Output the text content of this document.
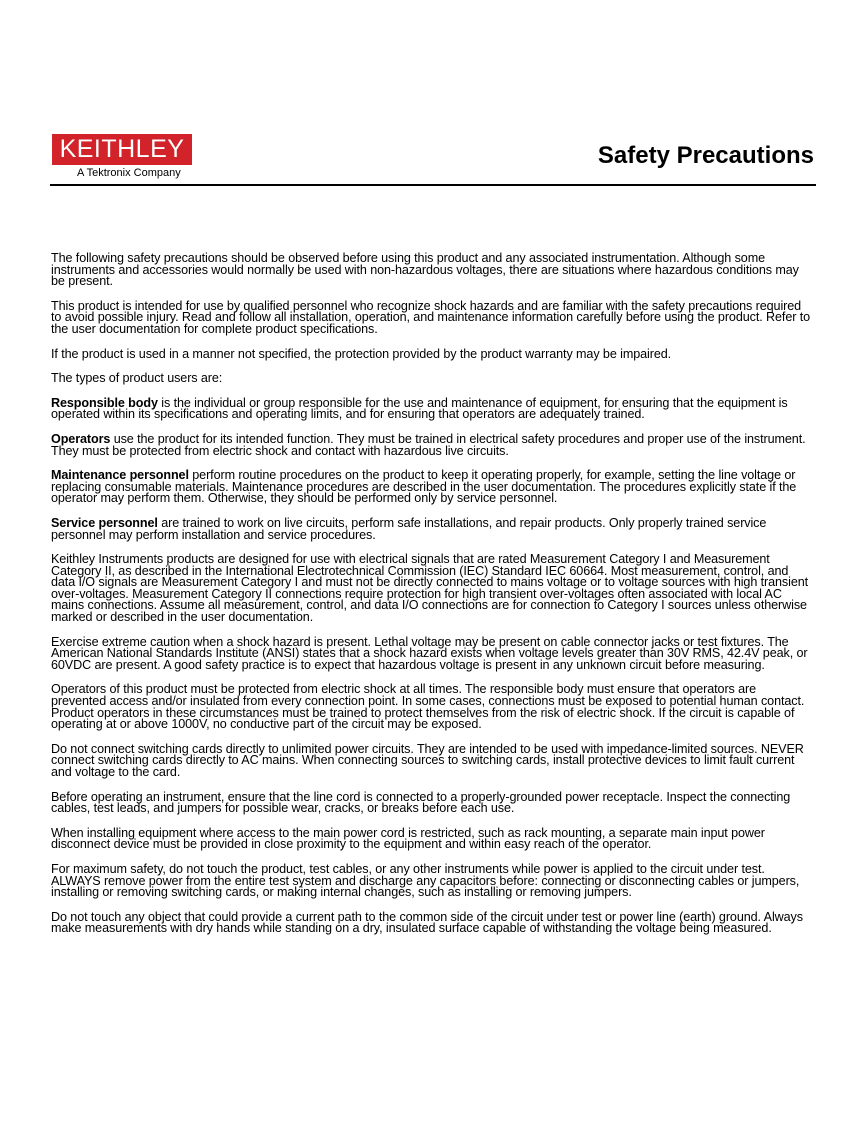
KEITHLEY
A Tektronix Company
Safety Precautions

The following safety precautions should be observed before using this product and any associated instrumentation. Although some instruments and accessories would normally be used with non-hazardous voltages, there are situations where hazardous conditions may be present.

This product is intended for use by qualified personnel who recognize shock hazards and are familiar with the safety precautions required to avoid possible injury. Read and follow all installation, operation, and maintenance information carefully before using the product. Refer to the user documentation for complete product specifications.

If the product is used in a manner not specified, the protection provided by the product warranty may be impaired.

The types of product users are:

Responsible body is the individual or group responsible for the use and maintenance of equipment, for ensuring that the equipment is operated within its specifications and operating limits, and for ensuring that operators are adequately trained.

Operators use the product for its intended function. They must be trained in electrical safety procedures and proper use of the instrument. They must be protected from electric shock and contact with hazardous live circuits.

Maintenance personnel perform routine procedures on the product to keep it operating properly, for example, setting the line voltage or replacing consumable materials. Maintenance procedures are described in the user documentation. The procedures explicitly state if the operator may perform them. Otherwise, they should be performed only by service personnel.

Service personnel are trained to work on live circuits, perform safe installations, and repair products. Only properly trained service personnel may perform installation and service procedures.

Keithley Instruments products are designed for use with electrical signals that are rated Measurement Category I and Measurement Category II, as described in the International Electrotechnical Commission (IEC) Standard IEC 60664. Most measurement, control, and data I/O signals are Measurement Category I and must not be directly connected to mains voltage or to voltage sources with high transient over-voltages. Measurement Category II connections require protection for high transient over-voltages often associated with local AC mains connections. Assume all measurement, control, and data I/O connections are for connection to Category I sources unless otherwise marked or described in the user documentation.

Exercise extreme caution when a shock hazard is present. Lethal voltage may be present on cable connector jacks or test fixtures. The American National Standards Institute (ANSI) states that a shock hazard exists when voltage levels greater than 30V RMS, 42.4V peak, or 60VDC are present. A good safety practice is to expect that hazardous voltage is present in any unknown circuit before measuring.

Operators of this product must be protected from electric shock at all times. The responsible body must ensure that operators are prevented access and/or insulated from every connection point. In some cases, connections must be exposed to potential human contact. Product operators in these circumstances must be trained to protect themselves from the risk of electric shock. If the circuit is capable of operating at or above 1000V, no conductive part of the circuit may be exposed.

Do not connect switching cards directly to unlimited power circuits. They are intended to be used with impedance-limited sources. NEVER connect switching cards directly to AC mains. When connecting sources to switching cards, install protective devices to limit fault current and voltage to the card.

Before operating an instrument, ensure that the line cord is connected to a properly-grounded power receptacle. Inspect the connecting cables, test leads, and jumpers for possible wear, cracks, or breaks before each use.

When installing equipment where access to the main power cord is restricted, such as rack mounting, a separate main input power disconnect device must be provided in close proximity to the equipment and within easy reach of the operator.

For maximum safety, do not touch the product, test cables, or any other instruments while power is applied to the circuit under test. ALWAYS remove power from the entire test system and discharge any capacitors before: connecting or disconnecting cables or jumpers, installing or removing switching cards, or making internal changes, such as installing or removing jumpers.

Do not touch any object that could provide a current path to the common side of the circuit under test or power line (earth) ground. Always make measurements with dry hands while standing on a dry, insulated surface capable of withstanding the voltage being measured.
